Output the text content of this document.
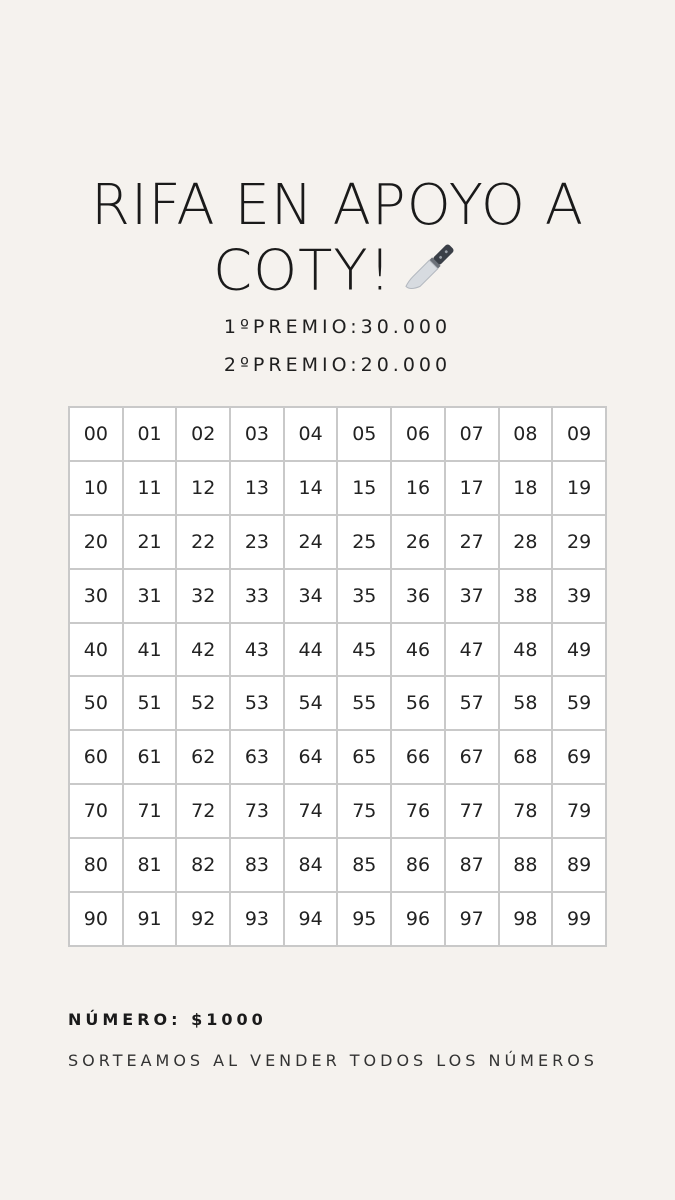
RIFA EN APOYO A
COTY!
1ºPREMIO:30.000
2ºPREMIO:20.000
00	01	02	03	04	05	06	07	08	09
10	11	12	13	14	15	16	17	18	19
20	21	22	23	24	25	26	27	28	29
30	31	32	33	34	35	36	37	38	39
40	41	42	43	44	45	46	47	48	49
50	51	52	53	54	55	56	57	58	59
60	61	62	63	64	65	66	67	68	69
70	71	72	73	74	75	76	77	78	79
80	81	82	83	84	85	86	87	88	89
90	91	92	93	94	95	96	97	98	99

NÚMERO: $1000

SORTEAMOS AL VENDER TODOS LOS NÚMEROS
